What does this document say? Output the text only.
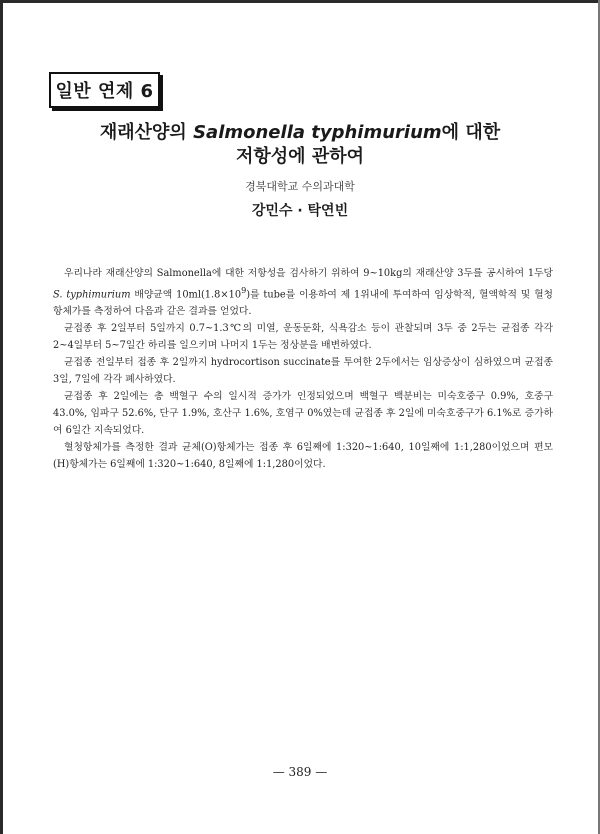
일반 연제 6
재래산양의 Salmonella typhimurium에 대한
저항성에 관하여
경북대학교 수의과대학
강민수 · 탁연빈

우리나라 재래산양의 Salmonella에 대한 저항성을 검사하기 위하여 9~10kg의 재래산양 3두를 공시하여 1두당 S. typhimurium 배양균액 $10ml(1.8\times 10^9)$를 tube를 이용하여 제 1위내에 투여하여 임상학적, 혈액학적 및 혈청항체가를 측정하여 다음과 같은 결과를 얻었다.

균접종 후 2일부터 5일까지 0.7~1.3℃의 미열, 운동둔화, 식욕감소 등이 관찰되며 3두 중 2두는 균접종 각각 2~4일부터 5~7일간 하리를 일으키며 나머지 1두는 정상분을 배변하였다.

균접종 전일부터 접종 후 2일까지 hydrocortison succinate를 투여한 2두에서는 임상증상이 심하였으며 균접종 3일, 7일에 각각 폐사하였다.

균접종 후 2일에는 총 백혈구 수의 일시적 증가가 인정되었으며 백혈구 백분비는 미숙호중구 0.9%, 호중구 43.0%, 임파구 52.6%, 단구 1.9%, 호산구 1.6%, 호염구 0%였는데 균접종 후 2일에 미숙호중구가 6.1%로 증가하여 6일간 지속되었다.

혈청항체가를 측정한 결과 균체(O)항체가는 접종 후 6일째에 1:320~1:640, 10일째에 1:1,280이었으며 편모(H)항체가는 6일째에 1:320~1:640, 8일째에 1:1,280이었다.

— 389 —
